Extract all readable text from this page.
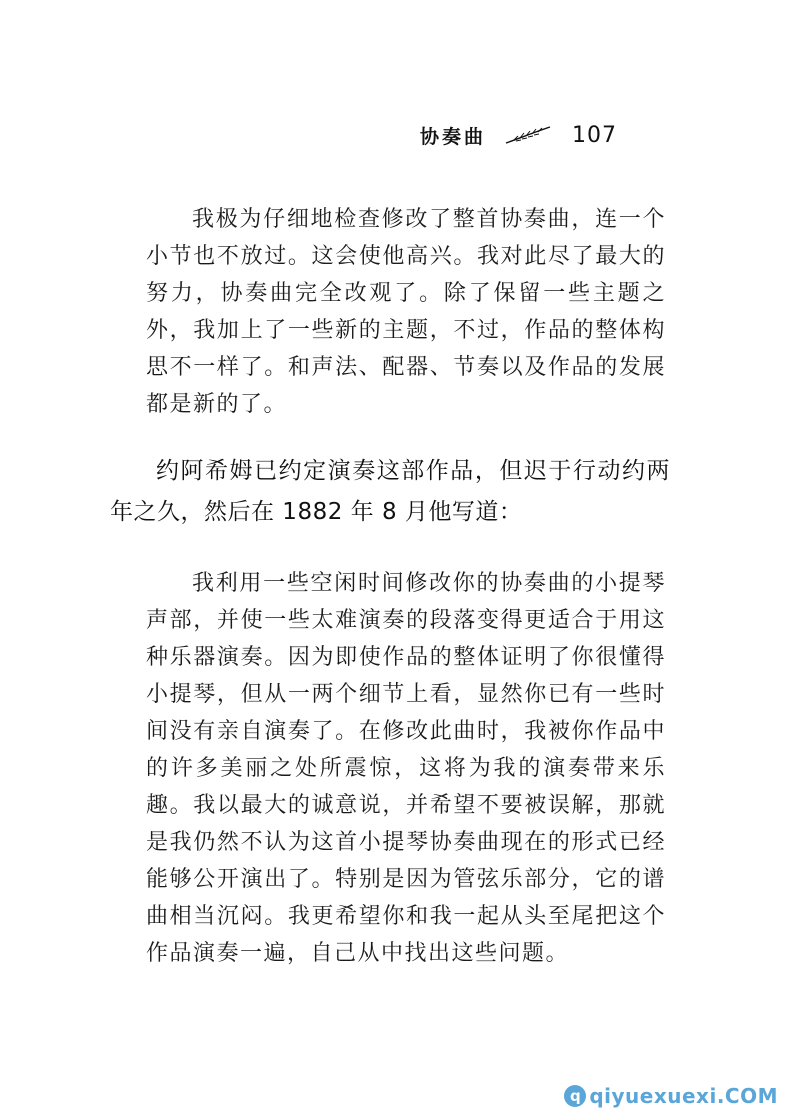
协奏曲	107

我极为仔细地检查修改了整首协奏曲，连一个小节也不放过。这会使他高兴。我对此尽了最大的努力，协奏曲完全改观了。除了保留一些主题之外，我加上了一些新的主题，不过，作品的整体构思不一样了。和声法、配器、节奏以及作品的发展都是新的了。

约阿希姆已约定演奏这部作品，但迟于行动约两年之久，然后在 1882 年 8 月他写道：

我利用一些空闲时间修改你的协奏曲的小提琴声部，并使一些太难演奏的段落变得更适合于用这种乐器演奏。因为即使作品的整体证明了你很懂得小提琴，但从一两个细节上看，显然你已有一些时间没有亲自演奏了。在修改此曲时，我被你作品中的许多美丽之处所震惊，这将为我的演奏带来乐趣。我以最大的诚意说，并希望不要被误解，那就是我仍然不认为这首小提琴协奏曲现在的形式已经能够公开演出了。特别是因为管弦乐部分，它的谱曲相当沉闷。我更希望你和我一起从头至尾把这个作品演奏一遍，自己从中找出这些问题。

q qiyuexuexi.COM
